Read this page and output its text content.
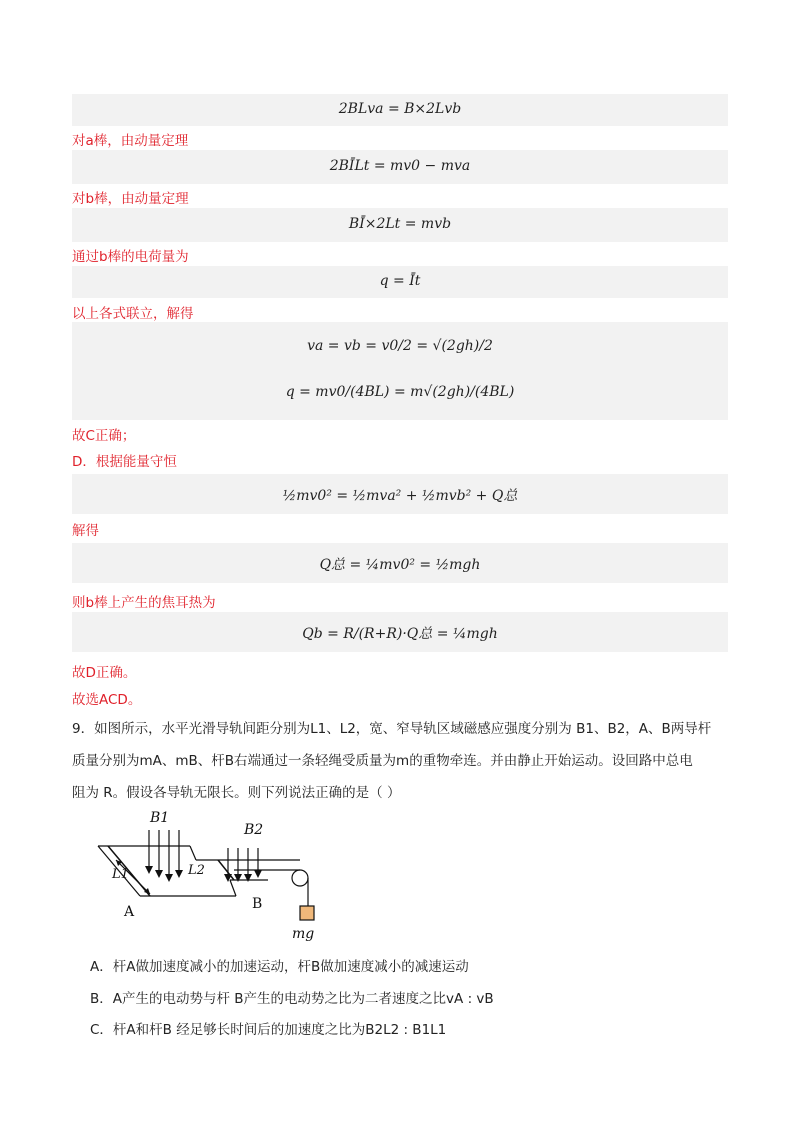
2BLva = B×2Lvb
对a棒，由动量定理
2BĪLt = mv0 − mva
对b棒，由动量定理
BĪ×2Lt = mvb
通过b棒的电荷量为
q = Īt
以上各式联立，解得
va = vb = v0/2 = √(2gh)/2
q = mv0/(4BL) = m√(2gh)/(4BL)
故C正确；
D．根据能量守恒
½mv0² = ½mva² + ½mvb² + Q总
解得
Q总 = ¼mv0² = ½mgh
则b棒上产生的焦耳热为
Qb = R/(R+R)·Q总 = ¼mgh
故D正确。
故选ACD。
9．如图所示，水平光滑导轨间距分别为L1、L2，宽、窄导轨区域磁感应强度分别为 B1、B2，A、B两导杆
质量分别为mA、mB、杆B右端通过一条轻绳受质量为m的重物牵连。并由静止开始运动。设回路中总电
阻为 R。假设各导轨无限长。则下列说法正确的是（ ）
B1
B2
L1	L2
A	B
mg
A．杆A做加速度减小的加速运动，杆B做加速度减小的减速运动
B．A产生的电动势与杆 B产生的电动势之比为二者速度之比vA : vB
C．杆A和杆B 经足够长时间后的加速度之比为B2L2 : B1L1
